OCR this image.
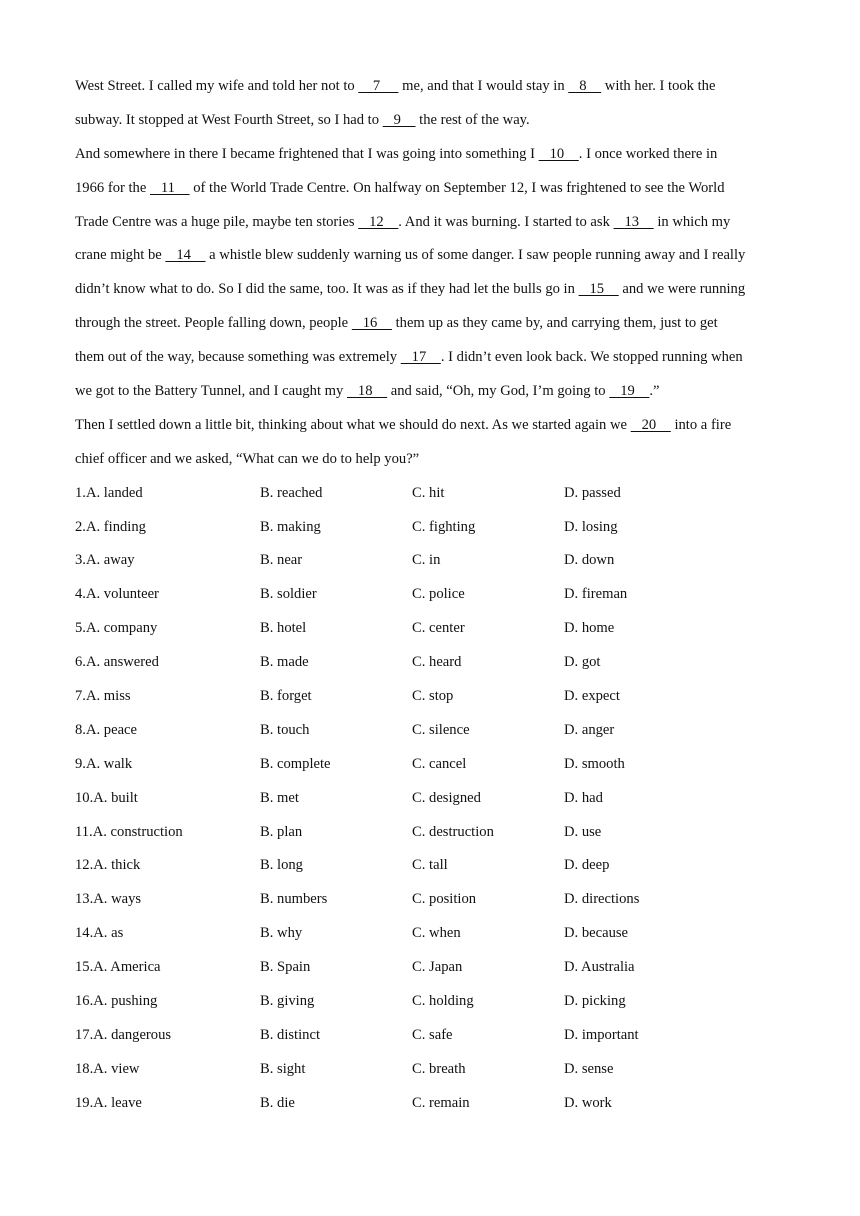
West Street. I called my wife and told her not to     7      me, and that I would stay in    8     with her. I took the
subway. It stopped at West Fourth Street, so I had to    9     the rest of the way.
And somewhere in there I became frightened that I was going into something I    10    . I once worked there in
1966 for the    11     of the World Trade Centre. On halfway on September 12, I was frightened to see the World
Trade Centre was a huge pile, maybe ten stories    12    . And it was burning. I started to ask    13     in which my
crane might be    14     a whistle blew suddenly warning us of some danger. I saw people running away and I really
didn’t know what to do. So I did the same, too. It was as if they had let the bulls go in    15     and we were running
through the street. People falling down, people    16     them up as they came by, and carrying them, just to get
them out of the way, because something was extremely    17    . I didn’t even look back. We stopped running when
we got to the Battery Tunnel, and I caught my    18     and said, “Oh, my God, I’m going to    19    .”
Then I settled down a little bit, thinking about what we should do next. As we started again we    20     into a fire
chief officer and we asked, “What can we do to help you?”
1.A. landed	B. reached	C. hit	D. passed
2.A. finding	B. making	C. fighting	D. losing
3.A. away	B. near	C. in	D. down
4.A. volunteer	B. soldier	C. police	D. fireman
5.A. company	B. hotel	C. center	D. home
6.A. answered	B. made	C. heard	D. got
7.A. miss	B. forget	C. stop	D. expect
8.A. peace	B. touch	C. silence	D. anger
9.A. walk	B. complete	C. cancel	D. smooth
10.A. built	B. met	C. designed	D. had
11.A. construction	B. plan	C. destruction	D. use
12.A. thick	B. long	C. tall	D. deep
13.A. ways	B. numbers	C. position	D. directions
14.A. as	B. why	C. when	D. because
15.A. America	B. Spain	C. Japan	D. Australia
16.A. pushing	B. giving	C. holding	D. picking
17.A. dangerous	B. distinct	C. safe	D. important
18.A. view	B. sight	C. breath	D. sense
19.A. leave	B. die	C. remain	D. work
